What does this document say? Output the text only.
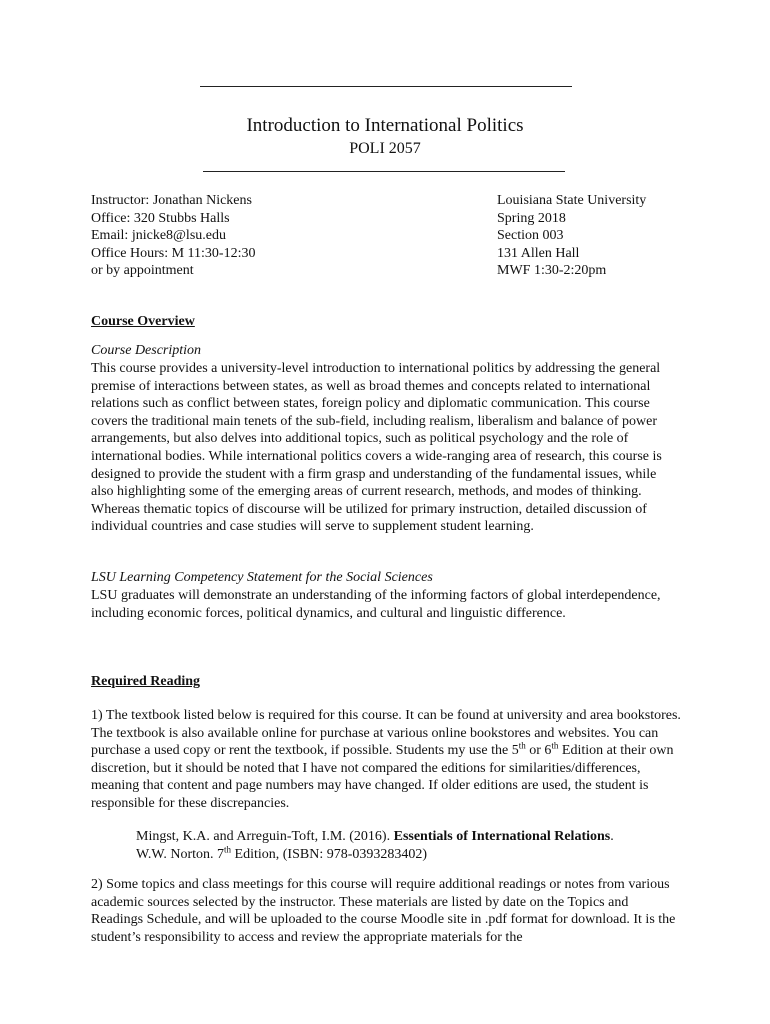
Introduction to International Politics
POLI 2057
Instructor: Jonathan Nickens
Office: 320 Stubbs Halls
Email: jnicke8@lsu.edu
Office Hours: M 11:30-12:30
or by appointment
Louisiana State University
Spring 2018
Section 003
131 Allen Hall
MWF 1:30-2:20pm
Course Overview
Course Description
This course provides a university-level introduction to international politics by addressing the general premise of interactions between states, as well as broad themes and concepts related to international relations such as conflict between states, foreign policy and diplomatic communication. This course covers the traditional main tenets of the sub-field, including realism, liberalism and balance of power arrangements, but also delves into additional topics, such as political psychology and the role of international bodies. While international politics covers a wide-ranging area of research, this course is designed to provide the student with a firm grasp and understanding of the fundamental issues, while also highlighting some of the emerging areas of current research, methods, and modes of thinking. Whereas thematic topics of discourse will be utilized for primary instruction, detailed discussion of individual countries and case studies will serve to supplement student learning.
LSU Learning Competency Statement for the Social Sciences
LSU graduates will demonstrate an understanding of the informing factors of global interdependence, including economic forces, political dynamics, and cultural and linguistic difference.
Required Reading
1) The textbook listed below is required for this course. It can be found at university and area bookstores. The textbook is also available online for purchase at various online bookstores and websites. You can purchase a used copy or rent the textbook, if possible. Students my use the 5th or 6th Edition at their own discretion, but it should be noted that I have not compared the editions for similarities/differences, meaning that content and page numbers may have changed. If older editions are used, the student is responsible for these discrepancies.
Mingst, K.A. and Arreguin-Toft, I.M. (2016). Essentials of International Relations.
W.W. Norton. 7th Edition, (ISBN: 978-0393283402)
2) Some topics and class meetings for this course will require additional readings or notes from various academic sources selected by the instructor. These materials are listed by date on the Topics and Readings Schedule, and will be uploaded to the course Moodle site in .pdf format for download. It is the student’s responsibility to access and review the appropriate materials for the
